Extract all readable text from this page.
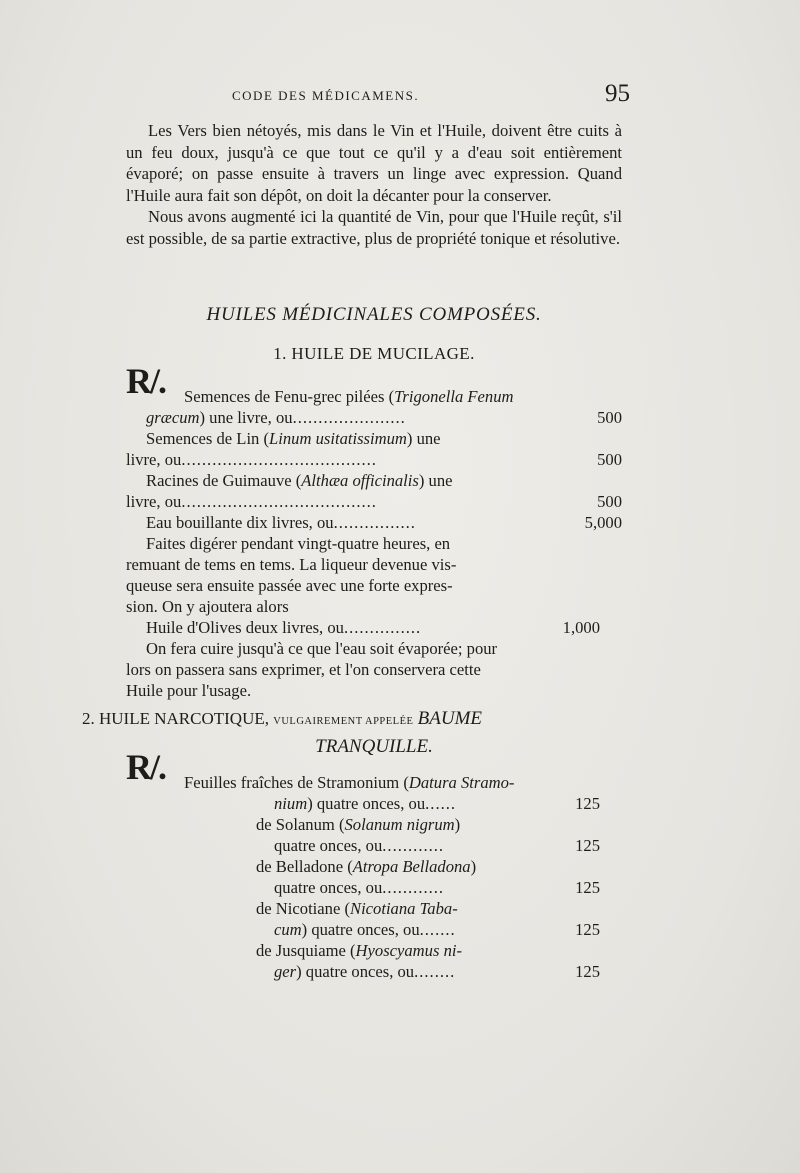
CODE DES MÉDICAMENS.	95

Les Vers bien nétoyés, mis dans le Vin et l'Huile, doivent être cuits à un feu doux, jusqu'à ce que tout ce qu'il y a d'eau soit entièrement évaporé; on passe ensuite à travers un linge avec expression. Quand l'Huile aura fait son dépôt, on doit la décanter pour la conserver.

Nous avons augmenté ici la quantité de Vin, pour que l'Huile reçût, s'il est possible, de sa partie extractive, plus de propriété tonique et résolutive.

HUILES MÉDICINALES COMPOSÉES.
1. HUILE DE MUCILAGE.
R/. Semences de Fenu-grec pilées (Trigonella Fenum
græcum) une livre, ou......................	500
Semences de Lin (Linum usitatissimum) une
livre, ou......................................	500
Racines de Guimauve (Althæa officinalis) une
livre, ou......................................	500
Eau bouillante dix livres, ou................	5,000
Faites digérer pendant vingt-quatre heures, en
remuant de tems en tems. La liqueur devenue vis-
queuse sera ensuite passée avec une forte expres-
sion. On y ajoutera alors
Huile d'Olives deux livres, ou...............	1,000
On fera cuire jusqu'à ce que l'eau soit évaporée; pour
lors on passera sans exprimer, et l'on conservera cette
Huile pour l'usage.
2. HUILE NARCOTIQUE, VULGAIREMENT APPELÉE BAUME
TRANQUILLE.
R/. Feuilles fraîches de Stramonium (Datura Stramo-
nium) quatre onces, ou......	125
de Solanum (Solanum nigrum)
quatre onces, ou............	125
de Belladone (Atropa Belladona)
quatre onces, ou............	125
de Nicotiane (Nicotiana Taba-
cum) quatre onces, ou.......	125
de Jusquiame (Hyoscyamus ni-
ger) quatre onces, ou........	125
